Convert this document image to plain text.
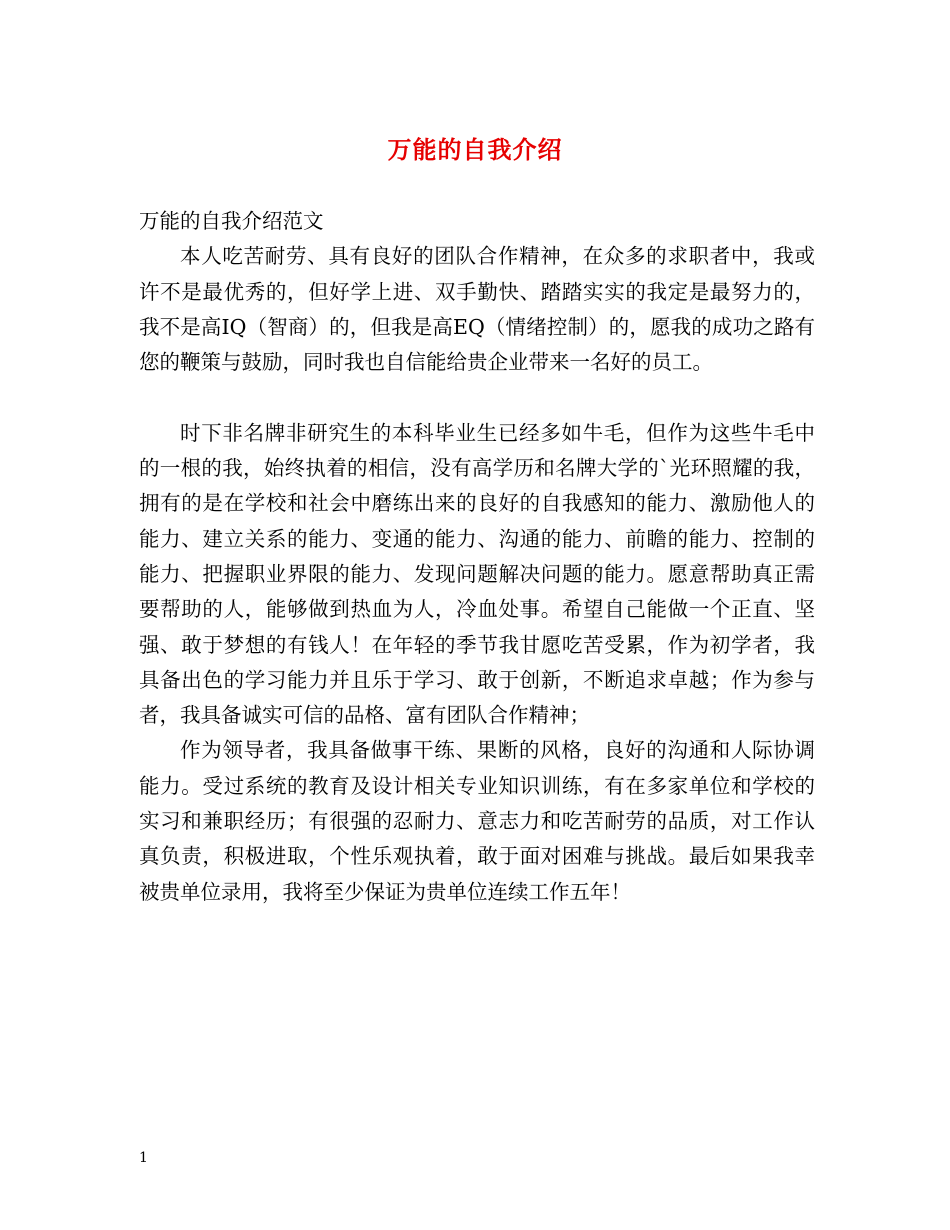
万能的自我介绍

万能的自我介绍范文

本人吃苦耐劳、具有良好的团队合作精神，在众多的求职者中，我或许不是最优秀的，但好学上进、双手勤快、踏踏实实的我定是最努力的，我不是高IQ（智商）的，但我是高EQ（情绪控制）的，愿我的成功之路有您的鞭策与鼓励，同时我也自信能给贵企业带来一名好的员工。

时下非名牌非研究生的本科毕业生已经多如牛毛，但作为这些牛毛中的一根的我，始终执着的相信，没有高学历和名牌大学的`光环照耀的我，拥有的是在学校和社会中磨练出来的良好的自我感知的能力、激励他人的能力、建立关系的能力、变通的能力、沟通的能力、前瞻的能力、控制的能力、把握职业界限的能力、发现问题解决问题的能力。愿意帮助真正需要帮助的人，能够做到热血为人，冷血处事。希望自己能做一个正直、坚强、敢于梦想的有钱人！在年轻的季节我甘愿吃苦受累，作为初学者，我具备出色的学习能力并且乐于学习、敢于创新，不断追求卓越；作为参与者，我具备诚实可信的品格、富有团队合作精神；

作为领导者，我具备做事干练、果断的风格，良好的沟通和人际协调能力。受过系统的教育及设计相关专业知识训练，有在多家单位和学校的实习和兼职经历；有很强的忍耐力、意志力和吃苦耐劳的品质，对工作认真负责，积极进取，个性乐观执着，敢于面对困难与挑战。最后如果我幸被贵单位录用，我将至少保证为贵单位连续工作五年！

1
